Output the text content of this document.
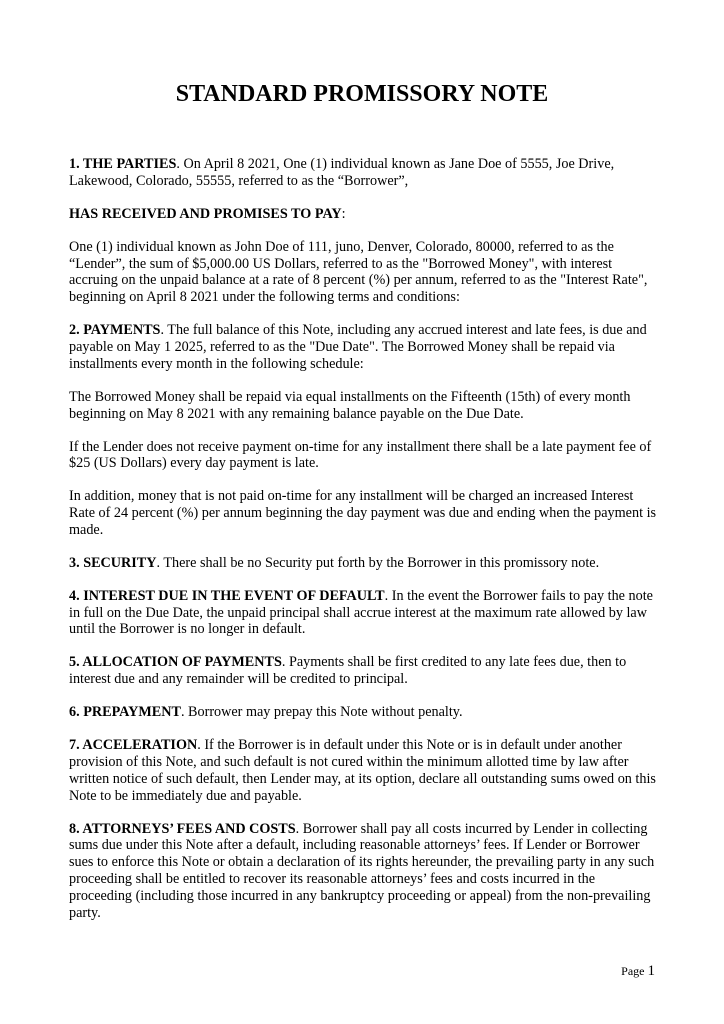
STANDARD PROMISSORY NOTE

1. THE PARTIES. On April 8 2021, One (1) individual known as Jane Doe of 5555, Joe Drive, Lakewood, Colorado, 55555, referred to as the “Borrower”,

HAS RECEIVED AND PROMISES TO PAY:

One (1) individual known as John Doe of 111, juno, Denver, Colorado, 80000, referred to as the “Lender”, the sum of $5,000.00 US Dollars, referred to as the "Borrowed Money", with interest accruing on the unpaid balance at a rate of 8 percent (%) per annum, referred to as the "Interest Rate", beginning on April 8 2021 under the following terms and conditions:

2. PAYMENTS. The full balance of this Note, including any accrued interest and late fees, is due and payable on May 1 2025, referred to as the "Due Date". The Borrowed Money shall be repaid via installments every month in the following schedule:

The Borrowed Money shall be repaid via equal installments on the Fifteenth (15th) of every month beginning on May 8 2021 with any remaining balance payable on the Due Date.

If the Lender does not receive payment on-time for any installment there shall be a late payment fee of $25 (US Dollars) every day payment is late.

In addition, money that is not paid on-time for any installment will be charged an increased Interest Rate of 24 percent (%) per annum beginning the day payment was due and ending when the payment is made.

3. SECURITY. There shall be no Security put forth by the Borrower in this promissory note.

4. INTEREST DUE IN THE EVENT OF DEFAULT. In the event the Borrower fails to pay the note in full on the Due Date, the unpaid principal shall accrue interest at the maximum rate allowed by law until the Borrower is no longer in default.

5. ALLOCATION OF PAYMENTS. Payments shall be first credited to any late fees due, then to interest due and any remainder will be credited to principal.

6. PREPAYMENT. Borrower may prepay this Note without penalty.

7. ACCELERATION. If the Borrower is in default under this Note or is in default under another provision of this Note, and such default is not cured within the minimum allotted time by law after written notice of such default, then Lender may, at its option, declare all outstanding sums owed on this Note to be immediately due and payable.

8. ATTORNEYS’ FEES AND COSTS. Borrower shall pay all costs incurred by Lender in collecting sums due under this Note after a default, including reasonable attorneys’ fees. If Lender or Borrower sues to enforce this Note or obtain a declaration of its rights hereunder, the prevailing party in any such proceeding shall be entitled to recover its reasonable attorneys’ fees and costs incurred in the proceeding (including those incurred in any bankruptcy proceeding or appeal) from the non-prevailing party.

Page 1
